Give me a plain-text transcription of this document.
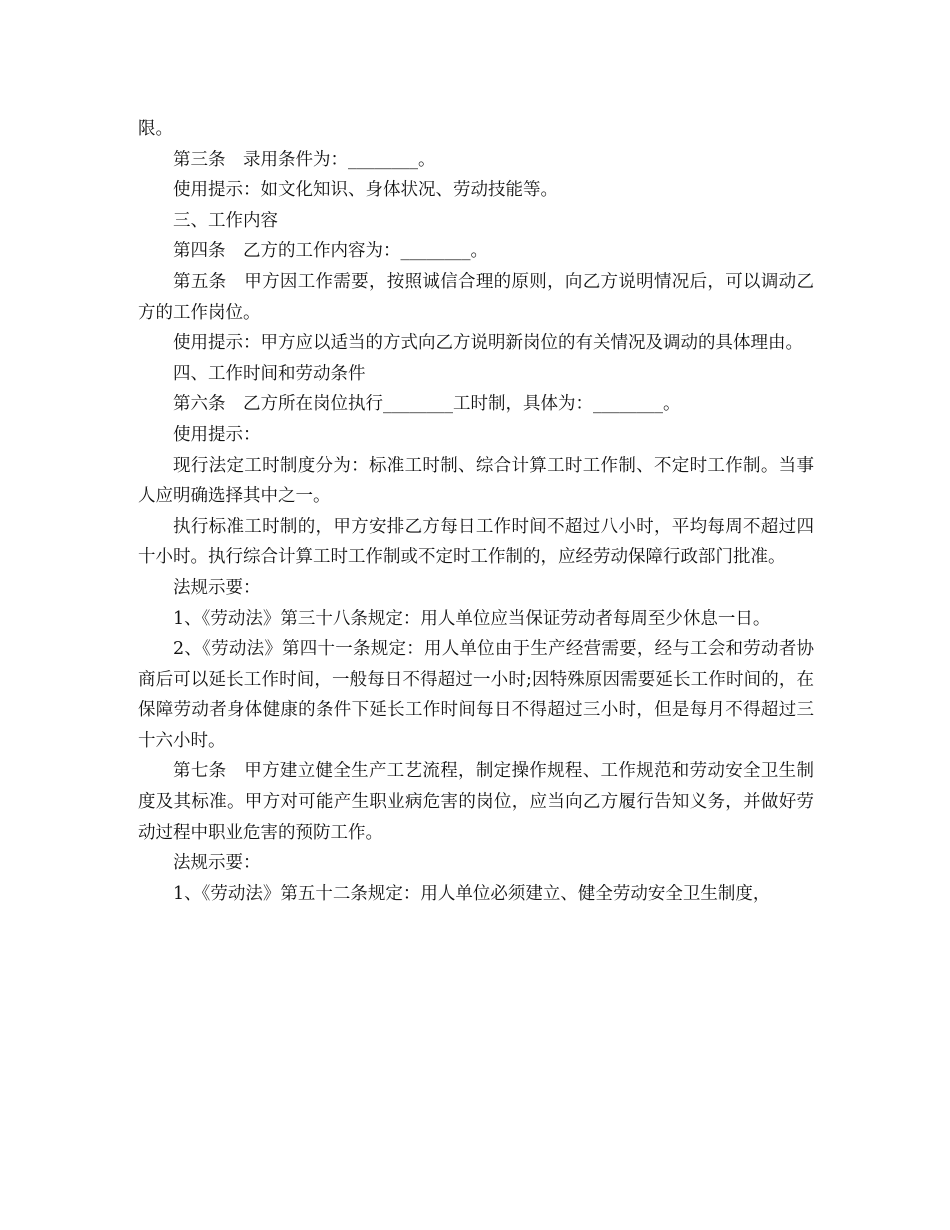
限。

第三条　录用条件为：________。

使用提示：如文化知识、身体状况、劳动技能等。

三、工作内容

第四条　乙方的工作内容为：________。

第五条　甲方因工作需要，按照诚信合理的原则，向乙方说明情况后，可以调动乙方的工作岗位。

使用提示：甲方应以适当的方式向乙方说明新岗位的有关情况及调动的具体理由。

四、工作时间和劳动条件

第六条　乙方所在岗位执行________工时制，具体为：________。

使用提示：

现行法定工时制度分为：标准工时制、综合计算工时工作制、不定时工作制。当事人应明确选择其中之一。

执行标准工时制的，甲方安排乙方每日工作时间不超过八小时，平均每周不超过四十小时。执行综合计算工时工作制或不定时工作制的，应经劳动保障行政部门批准。

法规示要：

1、《劳动法》第三十八条规定：用人单位应当保证劳动者每周至少休息一日。

2、《劳动法》第四十一条规定：用人单位由于生产经营需要，经与工会和劳动者协商后可以延长工作时间，一般每日不得超过一小时;因特殊原因需要延长工作时间的，在保障劳动者身体健康的条件下延长工作时间每日不得超过三小时，但是每月不得超过三十六小时。

第七条　甲方建立健全生产工艺流程，制定操作规程、工作规范和劳动安全卫生制度及其标准。甲方对可能产生职业病危害的岗位，应当向乙方履行告知义务，并做好劳动过程中职业危害的预防工作。

法规示要：

1、《劳动法》第五十二条规定：用人单位必须建立、健全劳动安全卫生制度，
